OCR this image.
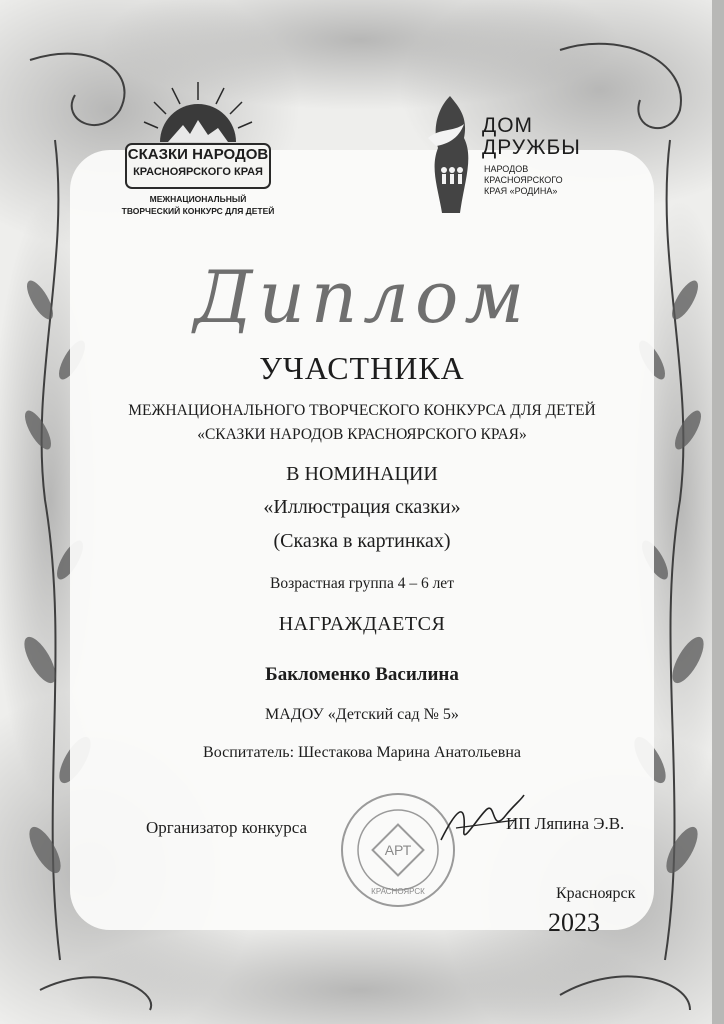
СКАЗКИ НАРОДОВ
КРАСНОЯРСКОГО КРАЯ
МЕЖНАЦИОНАЛЬНЫЙ
ТВОРЧЕСКИЙ КОНКУРС ДЛЯ ДЕТЕЙ
ДОМ
ДРУЖБЫ
НАРОДОВ
КРАСНОЯРСКОГО
КРАЯ «РОДИНА»
Диплом
УЧАСТНИКА
МЕЖНАЦИОНАЛЬНОГО ТВОРЧЕСКОГО КОНКУРСА ДЛЯ ДЕТЕЙ
«СКАЗКИ НАРОДОВ КРАСНОЯРСКОГО КРАЯ»
В НОМИНАЦИИ
«Иллюстрация сказки»
(Сказка в картинках)
Возрастная группа 4 – 6 лет
НАГРАЖДАЕТСЯ
Бакломенко Василина
МАДОУ «Детский сад № 5»
Воспитатель: Шестакова Марина Анатольевна
АРТ
КРАСНОЯРСК
Организатор конкурса	ИП Ляпина Э.В.
Красноярск
2023
